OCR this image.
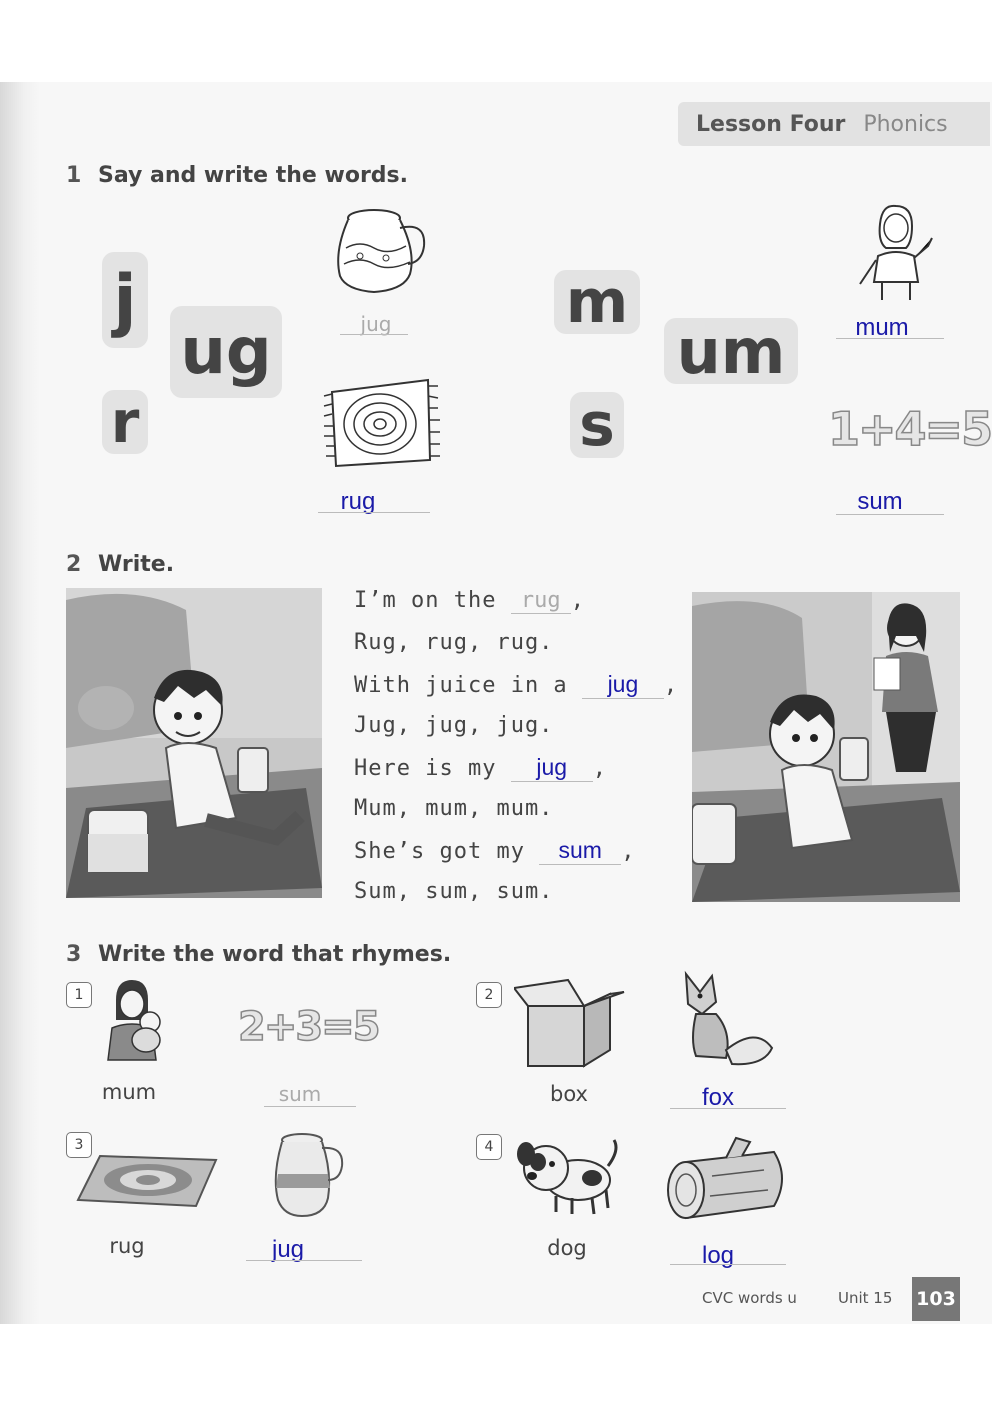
Lesson Four Phonics
1 Say and write the words.
j
r
ug
m
s
um
jug
rug
mum
1+4=5
sum
2 Write.
I’m on the rug ,
Rug, rug, rug.
With juice in a jug ,
Jug, jug, jug.
Here is my jug ,
Mum, mum, mum.
She’s got my sum ,
Sum, sum, sum.
3 Write the word that rhymes.
1
mum
2+3=5
sum
2
box	fox
3
rug	jug
4
dog	log
CVC words u	Unit 15 103
